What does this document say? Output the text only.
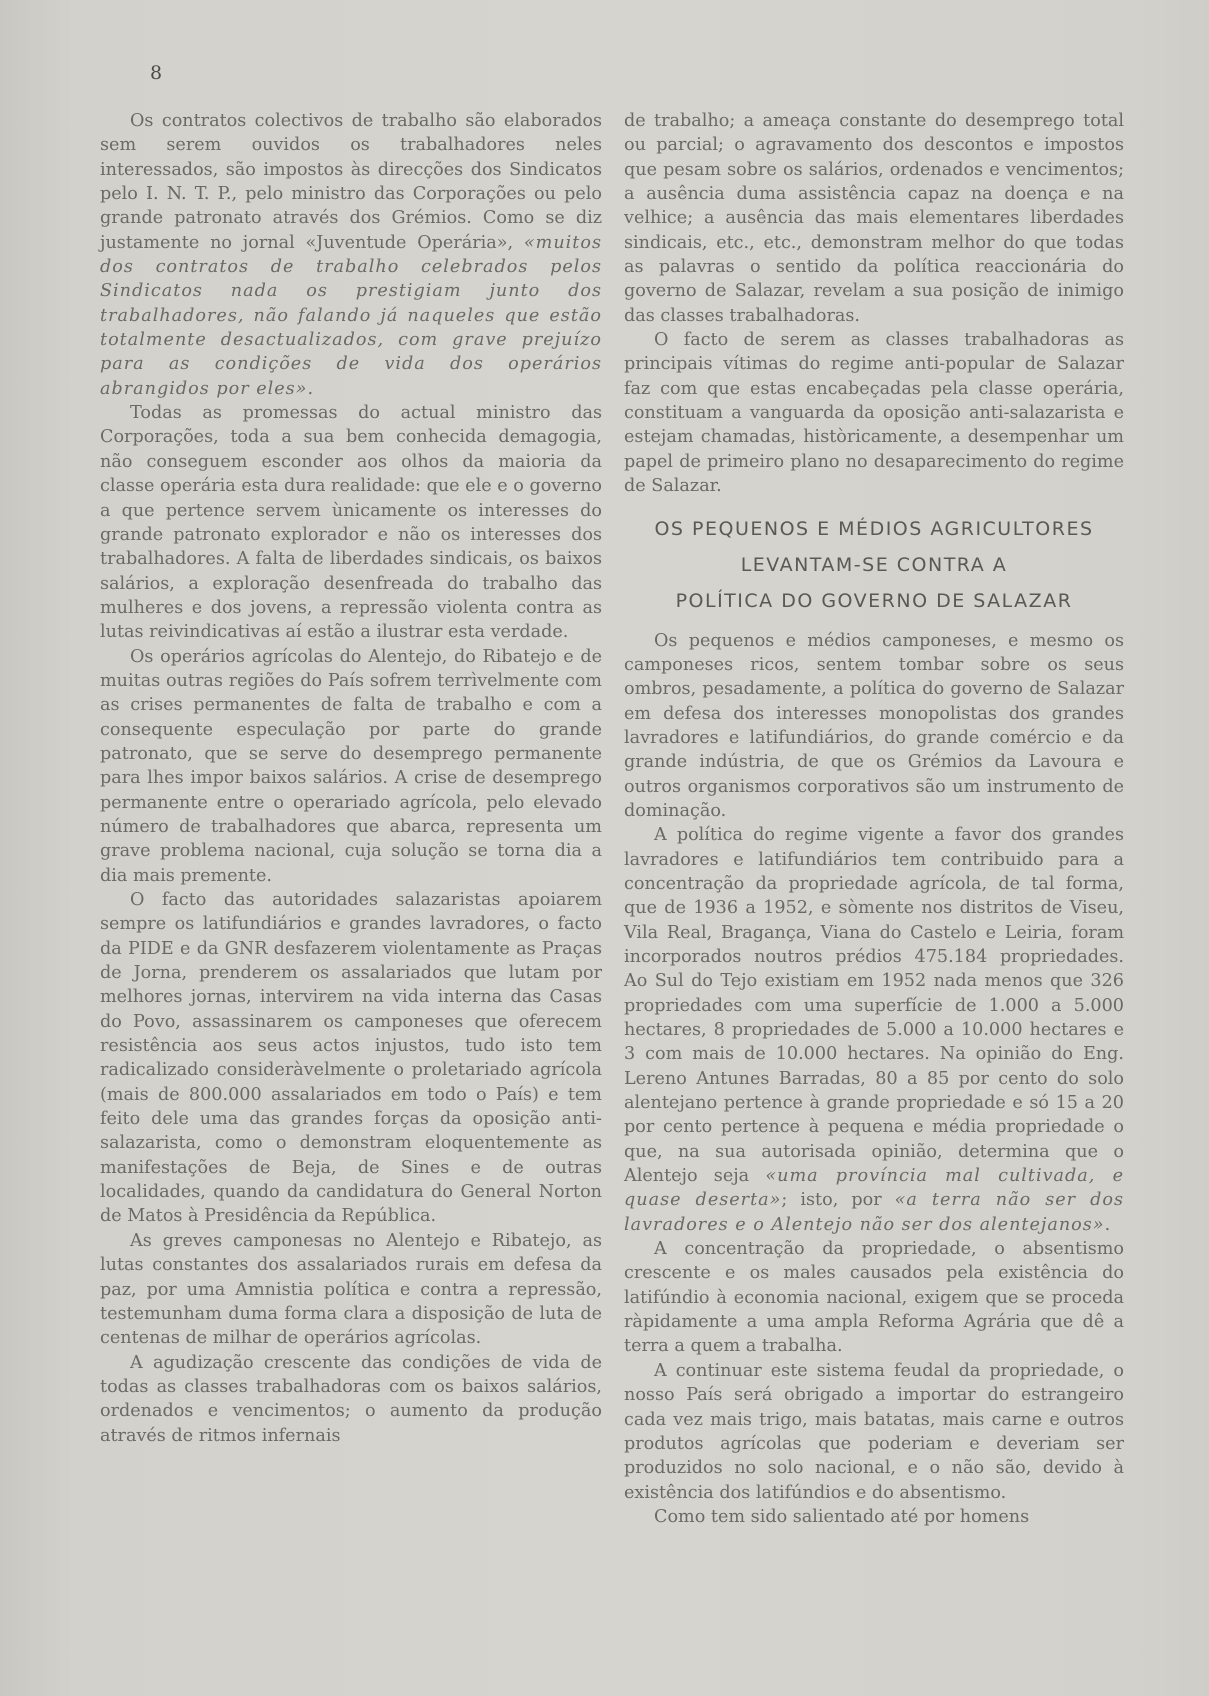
8

Os contratos colectivos de trabalho são elaborados sem serem ouvidos os trabalhadores neles interessados, são impostos às direcções dos Sindicatos pelo I. N. T. P., pelo ministro das Corporações ou pelo grande patronato através dos Grémios. Como se diz justamente no jornal «Juventude Operária», «muitos dos contratos de trabalho celebrados pelos Sindicatos nada os prestigiam junto dos trabalhadores, não falando já naqueles que estão totalmente desactualizados, com grave prejuízo para as condições de vida dos operários abrangidos por eles».

Todas as promessas do actual ministro das Corporações, toda a sua bem conhecida demagogia, não conseguem esconder aos olhos da maioria da classe operária esta dura realidade: que ele e o governo a que pertence servem ùnicamente os interesses do grande patronato explorador e não os interesses dos trabalhadores. A falta de liberdades sindicais, os baixos salários, a exploração desenfreada do trabalho das mulheres e dos jovens, a repressão violenta contra as lutas reivindicativas aí estão a ilustrar esta verdade.

Os operários agrícolas do Alentejo, do Ribatejo e de muitas outras regiões do País sofrem terrìvelmente com as crises permanentes de falta de trabalho e com a consequente especulação por parte do grande patronato, que se serve do desemprego permanente para lhes impor baixos salários. A crise de desemprego permanente entre o operariado agrícola, pelo elevado número de trabalhadores que abarca, representa um grave problema nacional, cuja solução se torna dia a dia mais premente.

O facto das autoridades salazaristas apoiarem sempre os latifundiários e grandes lavradores, o facto da PIDE e da GNR desfazerem violentamente as Praças de Jorna, prenderem os assalariados que lutam por melhores jornas, intervirem na vida interna das Casas do Povo, assassinarem os camponeses que oferecem resistência aos seus actos injustos, tudo isto tem radicalizado consideràvelmente o proletariado agrícola (mais de 800.000 assalariados em todo o País) e tem feito dele uma das grandes forças da oposição anti-salazarista, como o demonstram eloquentemente as manifestações de Beja, de Sines e de outras localidades, quando da candidatura do General Norton de Matos à Presidência da República.

As greves camponesas no Alentejo e Ribatejo, as lutas constantes dos assalariados rurais em defesa da paz, por uma Amnistia política e contra a repressão, testemunham duma forma clara a disposição de luta de centenas de milhar de operários agrícolas.

A agudização crescente das condições de vida de todas as classes trabalhadoras com os baixos salários, ordenados e vencimentos; o aumento da produção através de ritmos infernais

de trabalho; a ameaça constante do desemprego total ou parcial; o agravamento dos descontos e impostos que pesam sobre os salários, ordenados e vencimentos; a ausência duma assistência capaz na doença e na velhice; a ausência das mais elementares liberdades sindicais, etc., etc., demonstram melhor do que todas as palavras o sentido da política reaccionária do governo de Salazar, revelam a sua posição de inimigo das classes trabalhadoras.

O facto de serem as classes trabalhadoras as principais vítimas do regime anti-popular de Salazar faz com que estas encabeçadas pela classe operária, constituam a vanguarda da oposição anti-salazarista e estejam chamadas, històricamente, a desempenhar um papel de primeiro plano no desaparecimento do regime de Salazar.

OS PEQUENOS E MÉDIOS AGRICULTORES
LEVANTAM-SE CONTRA A
POLÍTICA DO GOVERNO DE SALAZAR

Os pequenos e médios camponeses, e mesmo os camponeses ricos, sentem tombar sobre os seus ombros, pesadamente, a política do governo de Salazar em defesa dos interesses monopolistas dos grandes lavradores e latifundiários, do grande comércio e da grande indústria, de que os Grémios da Lavoura e outros organismos corporativos são um instrumento de dominação.

A política do regime vigente a favor dos grandes lavradores e latifundiários tem contribuido para a concentração da propriedade agrícola, de tal forma, que de 1936 a 1952, e sòmente nos distritos de Viseu, Vila Real, Bragança, Viana do Castelo e Leiria, foram incorporados noutros prédios 475.184 propriedades. Ao Sul do Tejo existiam em 1952 nada menos que 326 propriedades com uma superfície de 1.000 a 5.000 hectares, 8 propriedades de 5.000 a 10.000 hectares e 3 com mais de 10.000 hectares. Na opinião do Eng. Lereno Antunes Barradas, 80 a 85 por cento do solo alentejano pertence à grande propriedade e só 15 a 20 por cento pertence à pequena e média propriedade o que, na sua autorisada opinião, determina que o Alentejo seja «uma província mal cultivada, e quase deserta»; isto, por «a terra não ser dos lavradores e o Alentejo não ser dos alentejanos».

A concentração da propriedade, o absentismo crescente e os males causados pela existência do latifúndio à economia nacional, exigem que se proceda ràpidamente a uma ampla Reforma Agrária que dê a terra a quem a trabalha.

A continuar este sistema feudal da propriedade, o nosso País será obrigado a importar do estrangeiro cada vez mais trigo, mais batatas, mais carne e outros produtos agrícolas que poderiam e deveriam ser produzidos no solo nacional, e o não são, devido à existência dos latifúndios e do absentismo.

Como tem sido salientado até por homens
